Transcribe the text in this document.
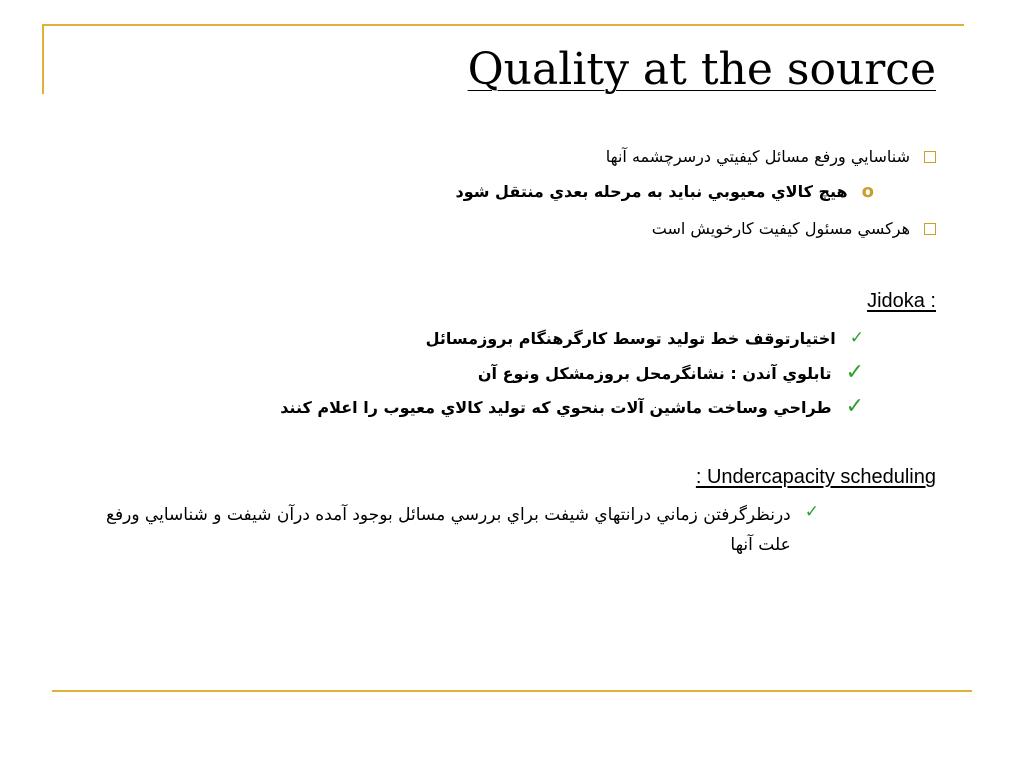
Quality at the source
شناسايي ورفع مسائل كيفيتي درسرچشمه آنها
o
هيچ كالاي معيوبي نبايد به مرحله بعدي منتقل شود
هركسي مسئول كيفيت كارخويش است
Jidoka :
✓
اختيارتوقف خط توليد توسط كارگرهنگام بروزمسائل
✓
تابلوي آندن : نشانگرمحل بروزمشكل ونوع آن
✓
طراحي وساخت ماشين آلات بنحوي كه توليد كالاي معيوب را اعلام كنند
: Undercapacity scheduling
✓
درنظرگرفتن زماني درانتهاي شيفت براي بررسي مسائل بوجود آمده درآن شيفت و شناسايي ورفع علت آنها
